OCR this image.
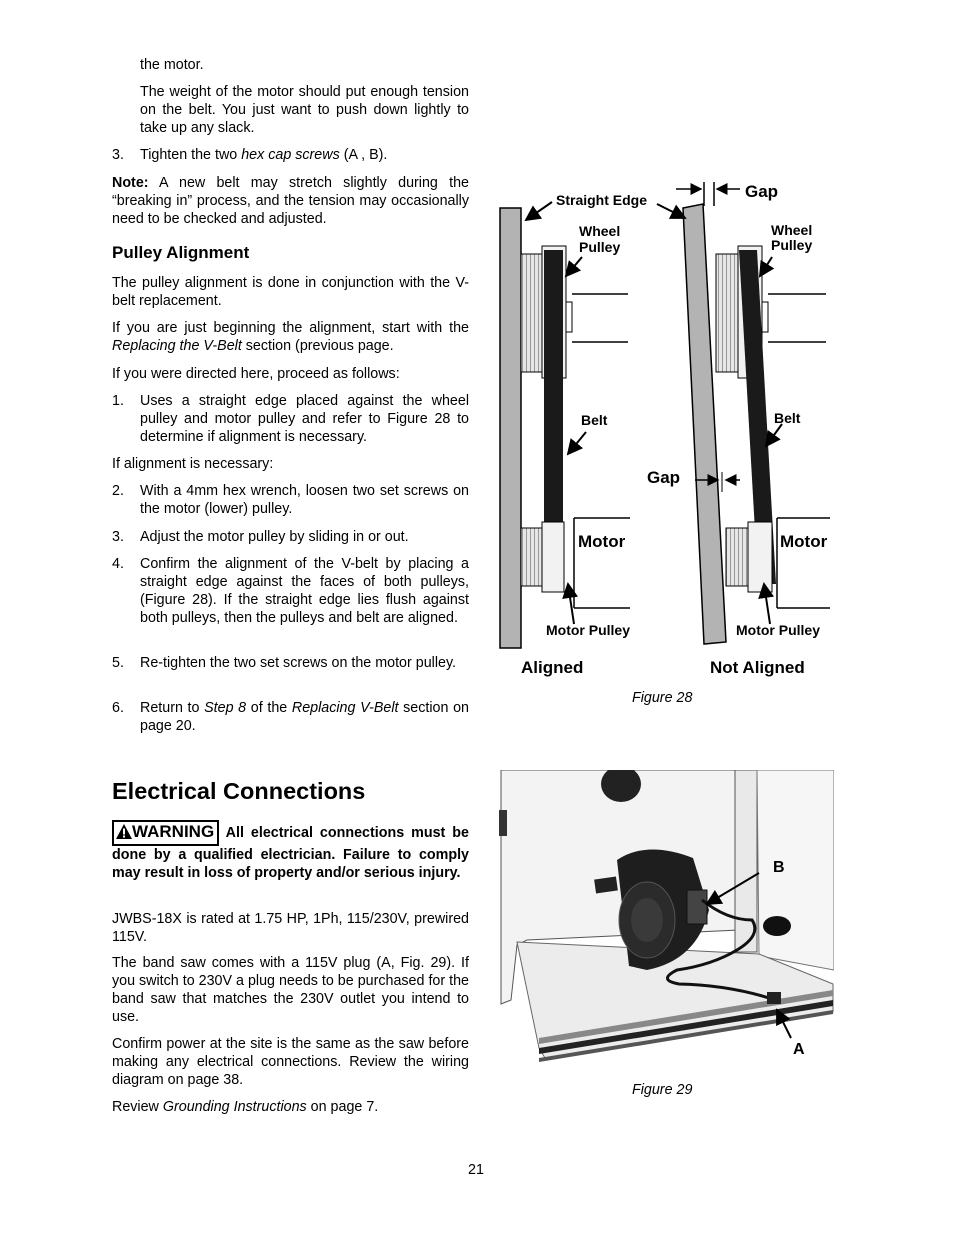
the motor.

The weight of the motor should put enough tension on the belt. You just want to push down lightly to take up any slack.

3. Tighten the two hex cap screws (A , B).

Note: A new belt may stretch slightly during the “breaking in” process, and the tension may occasionally need to be checked and adjusted.

Pulley Alignment

The pulley alignment is done in conjunction with the V-belt replacement.

If you are just beginning the alignment, start with the Replacing the V-Belt section (previous page.

If you were directed here, proceed as follows:

1. Uses a straight edge placed against the wheel pulley and motor pulley and refer to Figure 28 to determine if alignment is necessary.

If alignment is necessary:

2. With a 4mm hex wrench, loosen two set screws on the motor (lower) pulley.

3. Adjust the motor pulley by sliding in or out.

4. Confirm the alignment of the V-belt by placing a straight edge against the faces of both pulleys, (Figure 28). If the straight edge lies flush against both pulleys, then the pulleys and belt are aligned.

5. Re-tighten the two set screws on the motor pulley.

6. Return to Step 8 of the Replacing V-Belt section on page 20.

Electrical Connections

WARNING All electrical connections must be done by a qualified electrician. Failure to comply may result in loss of property and/or serious injury.

JWBS-18X is rated at 1.75 HP, 1Ph, 115/230V, prewired 115V.

The band saw comes with a 115V plug (A, Fig. 29). If you switch to 230V a plug needs to be purchased for the band saw that matches the 230V outlet you intend to use.

Confirm power at the site is the same as the saw before making any electrical connections. Review the wiring diagram on page 38.

Review Grounding Instructions on page 7.

Straight Edge	Gap
Wheel
Pulley
Wheel
Pulley
Belt	Belt
Gap
Motor	Motor
Motor Pulley	Motor Pulley
Aligned	Not Aligned
Figure 28
B
A
Figure 29
21
